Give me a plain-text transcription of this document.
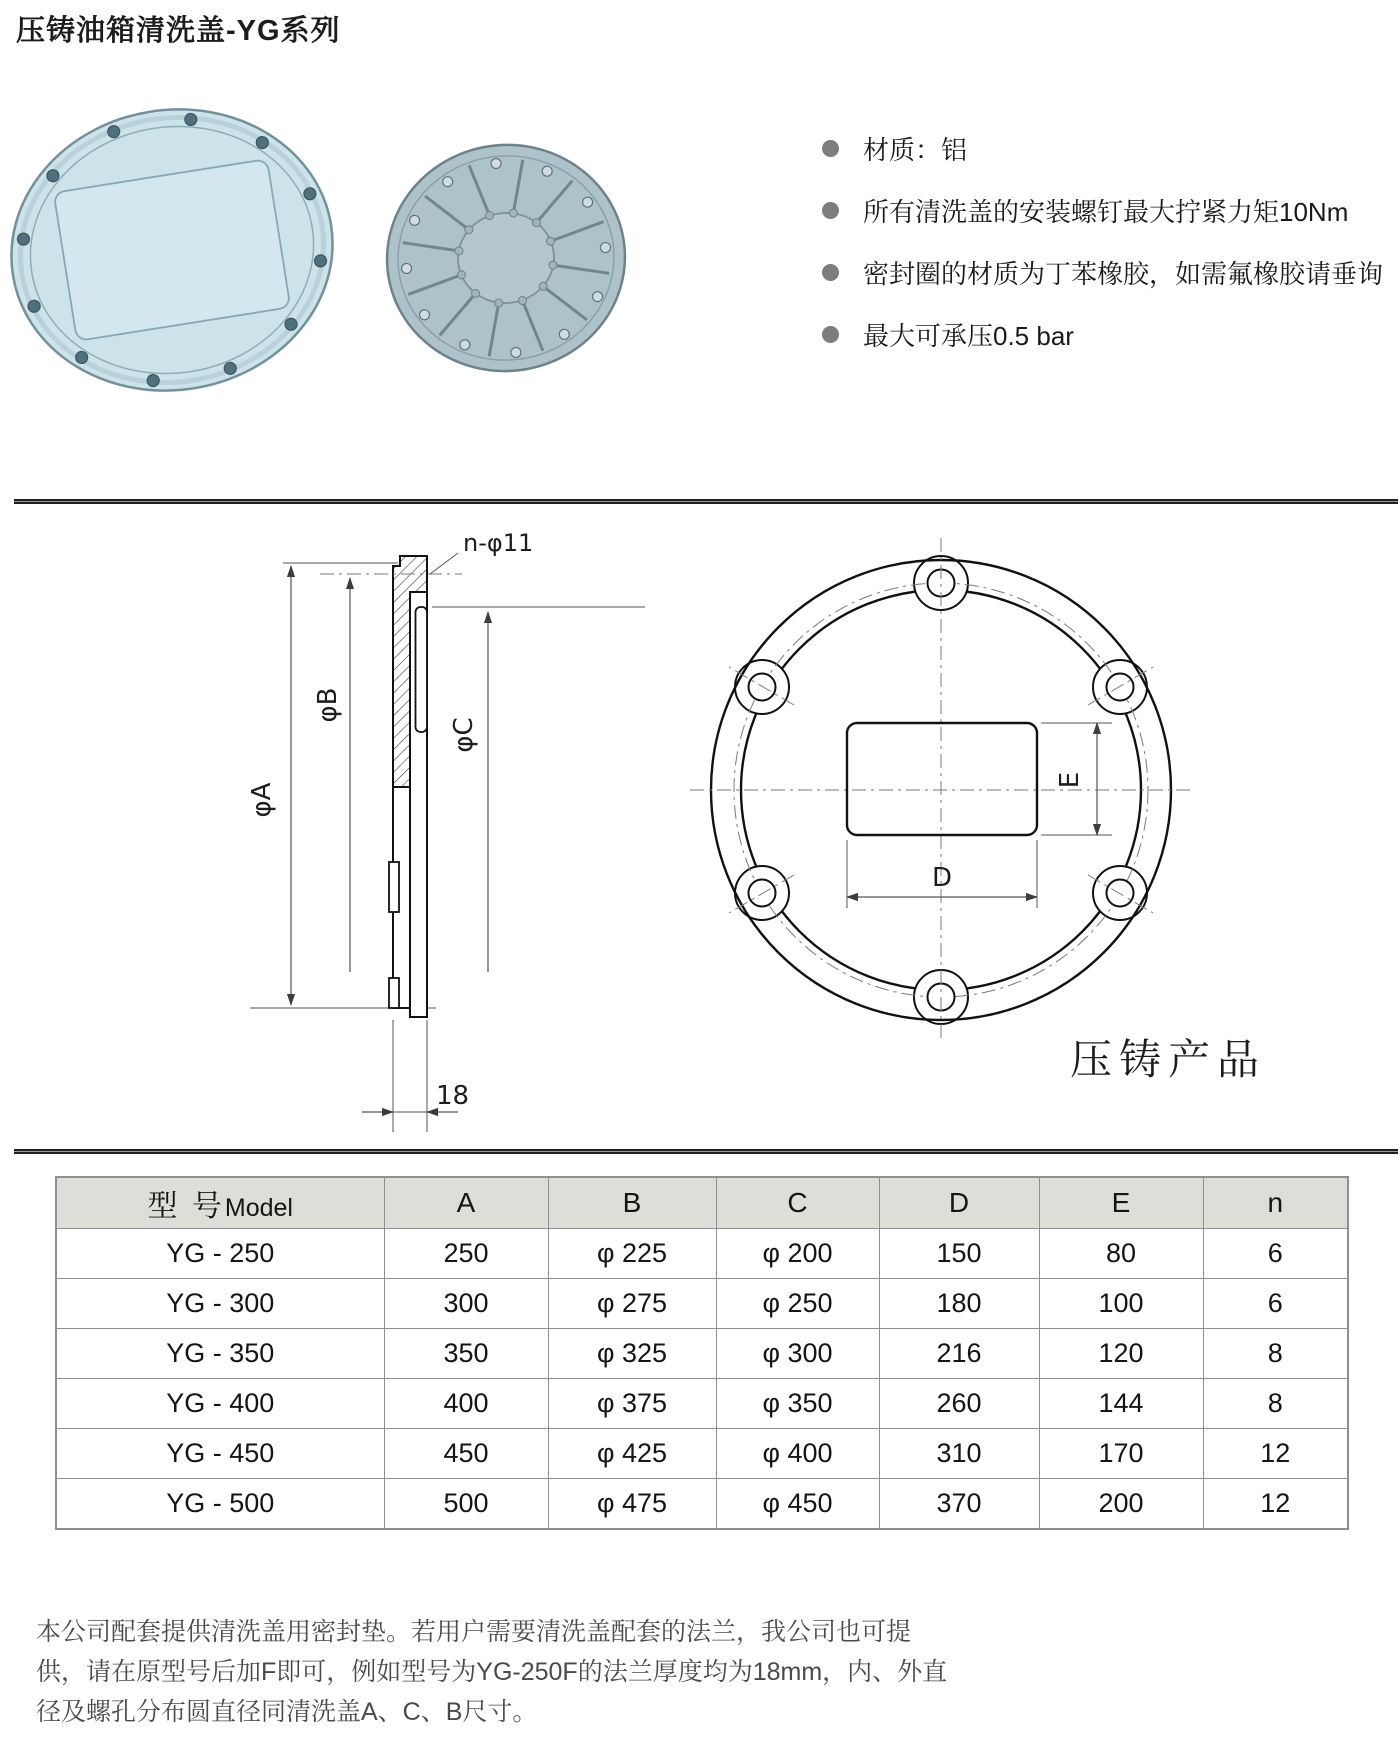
压铸油箱清洗盖-YG系列
材质：铝
所有清洗盖的安装螺钉最大拧紧力矩10Nm
密封圈的材质为丁苯橡胶，如需氟橡胶请垂询
最大可承压0.5 bar
φA
φB
φC
n-φ11
18
D
E
压铸产品
型 号Model	A	B	C	D	E	n
YG - 250	250	φ 225	φ 200	150	80	6
YG - 300	300	φ 275	φ 250	180	100	6
YG - 350	350	φ 325	φ 300	216	120	8
YG - 400	400	φ 375	φ 350	260	144	8
YG - 450	450	φ 425	φ 400	310	170	12
YG - 500	500	φ 475	φ 450	370	200	12

本公司配套提供清洗盖用密封垫。若用户需要清洗盖配套的法兰，我公司也可提

供，请在原型号后加F即可，例如型号为YG-250F的法兰厚度均为18mm，内、外直

径及螺孔分布圆直径同清洗盖A、C、B尺寸。
